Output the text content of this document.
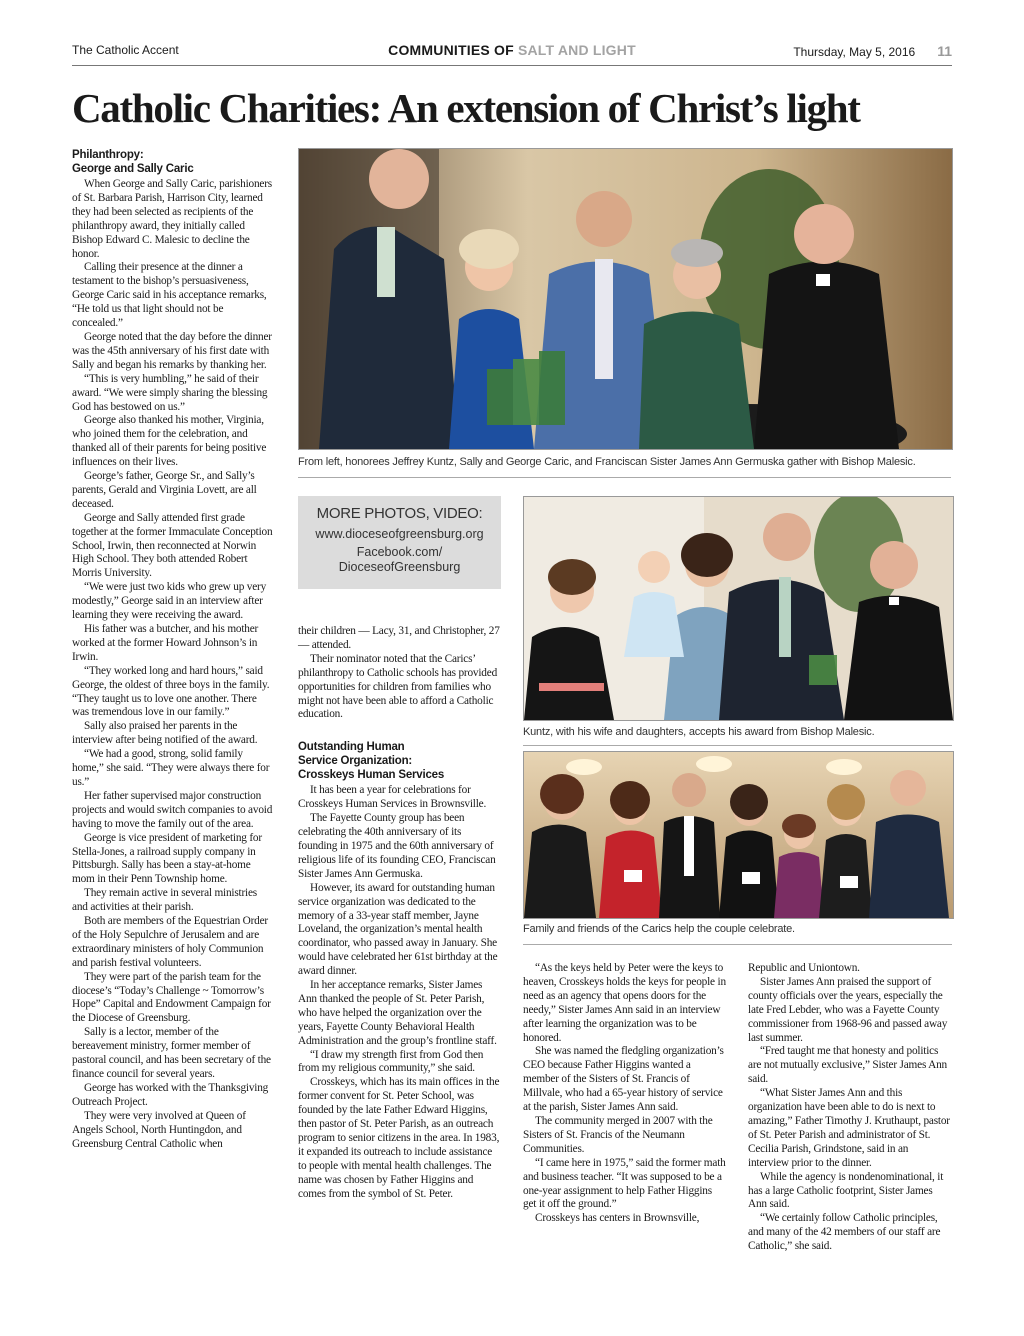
The Catholic Accent	COMMUNITIES OF SALT AND LIGHT	Thursday, May 5, 2016 11
Catholic Charities: An extension of Christ’s light
Philanthropy:
George and Sally Caric

When George and Sally Caric, parishioners of St. Barbara Parish, Harrison City, learned they had been selected as recipients of the philanthropy award, they initially called Bishop Edward C. Malesic to decline the honor.

Calling their presence at the dinner a testament to the bishop’s persuasiveness, George Caric said in his acceptance remarks, “He told us that light should not be concealed.”

George noted that the day before the dinner was the 45th anniversary of his first date with Sally and began his remarks by thanking her.

“This is very humbling,” he said of their award. “We were simply sharing the blessing God has bestowed on us.”

George also thanked his mother, Virginia, who joined them for the celebration, and thanked all of their parents for being positive influences on their lives.

George’s father, George Sr., and Sally’s parents, Gerald and Virginia Lovett, are all deceased.

George and Sally attended first grade together at the former Immaculate Conception School, Irwin, then reconnected at Norwin High School. They both attended Robert Morris University.

“We were just two kids who grew up very modestly,” George said in an interview after learning they were receiving the award.

His father was a butcher, and his mother worked at the former Howard Johnson’s in Irwin.

“They worked long and hard hours,” said George, the oldest of three boys in the family. “They taught us to love one another. There was tremendous love in our family.”

Sally also praised her parents in the interview after being notified of the award.

“We had a good, strong, solid family home,” she said. “They were always there for us.”

Her father supervised major construction projects and would switch companies to avoid having to move the family out of the area.

George is vice president of marketing for Stella-Jones, a railroad supply company in Pittsburgh. Sally has been a stay-at-home mom in their Penn Township home.

They remain active in several ministries and activities at their parish.

Both are members of the Equestrian Order of the Holy Sepulchre of Jerusalem and are extraordinary ministers of holy Communion and parish festival volunteers.

They were part of the parish team for the diocese’s “Today’s Challenge ~ Tomorrow’s Hope” Capital and Endowment Campaign for the Diocese of Greensburg.

Sally is a lector, member of the bereavement ministry, former member of pastoral council, and has been secretary of the finance council for several years.

George has worked with the Thanksgiving Outreach Project.

They were very involved at Queen of Angels School, North Huntingdon, and Greensburg Central Catholic when

From left, honorees Jeffrey Kuntz, Sally and George Caric, and Franciscan Sister James Ann Germuska gather with Bishop Malesic.
MORE PHOTOS, VIDEO:
www.dioceseofgreensburg.org
Facebook.com/
DioceseofGreensburg

their children — Lacy, 31, and Christopher, 27 — attended.

Their nominator noted that the Carics’ philanthropy to Catholic schools has provided opportunities for children from families who might not have been able to afford a Catholic education.

Outstanding Human
Service Organization:
Crosskeys Human Services

It has been a year for celebrations for Crosskeys Human Services in Brownsville.

The Fayette County group has been celebrating the 40th anniversary of its founding in 1975 and the 60th anniversary of religious life of its founding CEO, Franciscan Sister James Ann Germuska.

However, its award for outstanding human service organization was dedicated to the memory of a 33-year staff member, Jayne Loveland, the organization’s mental health coordinator, who passed away in January. She would have celebrated her 61st birthday at the award dinner.

In her acceptance remarks, Sister James Ann thanked the people of St. Peter Parish, who have helped the organization over the years, Fayette County Behavioral Health Administration and the group’s frontline staff.

“I draw my strength first from God then from my religious community,” she said.

Crosskeys, which has its main offices in the former convent for St. Peter School, was founded by the late Father Edward Higgins, then pastor of St. Peter Parish, as an outreach program to senior citizens in the area. In 1983, it expanded its outreach to include assistance to people with mental health challenges. The name was chosen by Father Higgins and comes from the symbol of St. Peter.

Kuntz, with his wife and daughters, accepts his award from Bishop Malesic.
Family and friends of the Carics help the couple celebrate.

“As the keys held by Peter were the keys to heaven, Crosskeys holds the keys for people in need as an agency that opens doors for the needy,” Sister James Ann said in an interview after learning the organization was to be honored.

She was named the fledgling organization’s CEO because Father Higgins wanted a member of the Sisters of St. Francis of Millvale, who had a 65-year history of service at the parish, Sister James Ann said.

The community merged in 2007 with the Sisters of St. Francis of the Neumann Communities.

“I came here in 1975,” said the former math and business teacher. “It was supposed to be a one-year assignment to help Father Higgins get it off the ground.”

Crosskeys has centers in Brownsville,

Republic and Uniontown.

Sister James Ann praised the support of county officials over the years, especially the late Fred Lebder, who was a Fayette County commissioner from 1968-96 and passed away last summer.

“Fred taught me that honesty and politics are not mutually exclusive,” Sister James Ann said.

“What Sister James Ann and this organization have been able to do is next to amazing,” Father Timothy J. Kruthaupt, pastor of St. Peter Parish and administrator of St. Cecilia Parish, Grindstone, said in an interview prior to the dinner.

While the agency is nondenominational, it has a large Catholic footprint, Sister James Ann said.

“We certainly follow Catholic principles, and many of the 42 members of our staff are Catholic,” she said.
